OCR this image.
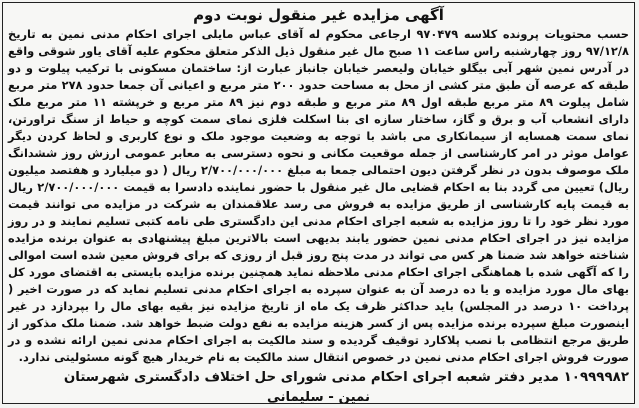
آگهی مزایده غیر منقول نوبت دوم
حسب محتویات پرونده کلاسه ۹۷۰۴۷۹ ارجاعی محکوم له آقای عباس مایلی اجرای احکام مدنی نمین به تاریخ ۹۷/۱۲/۸ روز چهارشنبه راس ساعت ۱۱ صبح مال غیر منقول ذیل الذکر متعلق محکوم علیه آقای یاور شوقی واقع در آدرس نمین شهر آبی بیگلو خیابان ولیعصر خیابان جانباز عبارت از: ساختمان مسکونی با ترکیب پیلوت و دو طبقه که عرصه آن طبق متر کشی از محل به مساحت حدود ۲۰۰ متر مربع و اعیانی آن جمعا حدود ۲۷۸ متر مربع شامل پیلوت ۸۹ متر مربع طبقه اول ۸۹ متر مربع و طبقه دوم نیز ۸۹ متر مربع و خرپشته ۱۱ متر مربع ملک دارای انشعاب آب و برق و گاز، ساختار سازه ای بنا اسکلت فلزی نمای سمت کوچه و حیاط از سنگ تراورتن، نمای سمت همسایه از سیمانکاری می باشد با توجه به وضعیت موجود ملک و نوع کاربری و لحاظ کردن دیگر عوامل موثر در امر کارشناسی از جمله موقعیت مکانی و نحوه دسترسی به معابر عمومی ارزش روز ششدانگ ملک موصوف بدون در نظر گرفتن دیون احتمالی جمعا به مبلغ ۲/۷۰۰/۰۰۰/۰۰۰ ریال ( دو میلیارد و هفتصد میلیون ریال) تعیین می گردد بنا به احکام قضایی مال غیر منقول با حضور نماینده دادسرا به قیمت ۲/۷۰۰/۰۰۰/۰۰۰ ریال به قیمت پایه کارشناسی از طریق مزایده به فروش می رسد علاقمندان به شرکت در مزایده می توانند قیمت مورد نظر خود را تا روز مزایده به شعبه اجرای احکام مدنی این دادگستری طی نامه کتبی تسلیم نمایند و در روز مزایده نیز در اجرای احکام مدنی نمین حضور یابند بدیهی است بالاترین مبلغ پیشنهادی به عنوان برنده مزایده شناخته خواهد شد ضمنا هر کس می تواند در مدت پنج روز قبل از روزی که برای فروش معین شده است اموالی را که آگهی شده با هماهنگی اجرای احکام مدنی ملاحظه نماید همچنین برنده مزایده بایستی به اقتضای مورد کل بهای مال مورد مزایده و یا ده درصد آن به عنوان سپرده به اجرای احکام مدنی تسلیم نماید که در صورت اخیر ( پرداخت ۱۰ درصد در المجلس) باید حداکثر ظرف یک ماه از تاریخ مزایده نیز بقیه بهای مال را بپردازد در غیر اینصورت مبلغ سپرده برنده مزایده پس از کسر هزینه مزایده به نفع دولت ضبط خواهد شد. ضمنا ملک مذکور از طریق مرجع انتظامی با نصب پلاکارد توقیف گردیده و سند مالکیت به اجرای احکام مدنی نمین ارائه نشده و در صورت فروش اجرای احکام مدنی نمین در خصوص انتقال سند مالکیت به نام خریدار هیچ گونه مسئولیتی ندارد.
۱۰۹۹۹۹۸۲ مدیر دفتر شعبه اجرای احکام مدنی شورای حل اختلاف دادگستری شهرستان
نمین - سلیمانی
